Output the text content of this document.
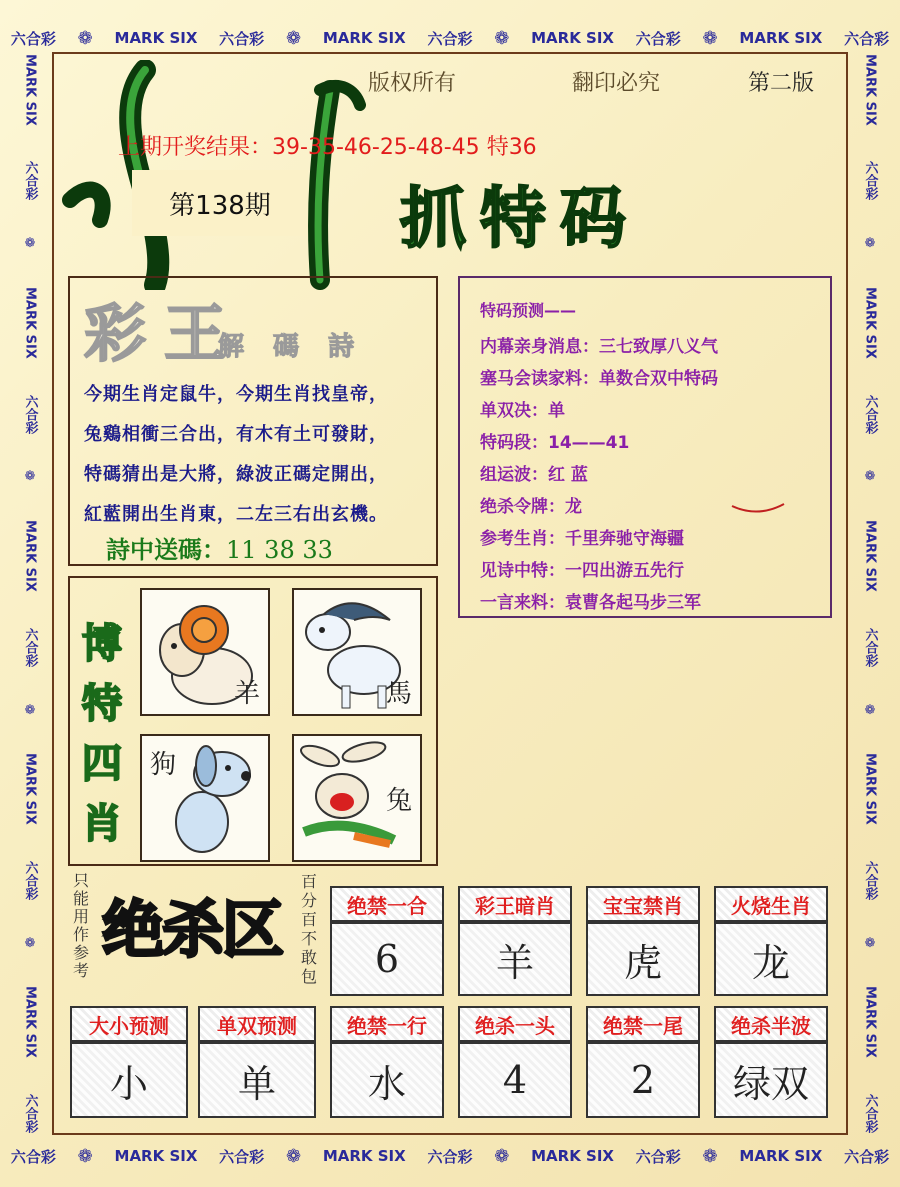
六合彩 ❁ MARK SIX 六合彩 ❁ MARK SIX 六合彩 ❁ MARK SIX 六合彩 ❁ MARK SIX 六合彩
六合彩 ❁ MARK SIX 六合彩 ❁ MARK SIX 六合彩 ❁ MARK SIX 六合彩 ❁ MARK SIX 六合彩
MARK SIX
六合彩
❁
MARK SIX
六合彩
❁
MARK SIX
六合彩
❁
MARK SIX
六合彩
❁
MARK SIX
六合彩
MARK SIX
六合彩
❁
MARK SIX
六合彩
❁
MARK SIX
六合彩
❁
MARK SIX
六合彩
❁
MARK SIX
六合彩
版权所有	翻印必究	第二版
上期开奖结果：39-35-46-25-48-45 特36
第138期	抓特码
彩王
解 碼 詩
今期生肖定鼠牛，今期生肖找皇帝，
兔鷄相衝三合出，有木有土可發財，
特碼猜出是大將，綠波正碼定開出，
紅藍開出生肖東，二左三右出玄機。
詩中送碼：11 38 33
特码预测——
内幕亲身消息：三七致厚八义气
塞马会读家料：单数合双中特码
单双决：单
特码段：14——41
组运波：红 蓝
绝杀令牌：龙
参考生肖：千里奔驰守海疆
见诗中特：一四出游五先行
一言来料：袁曹各起马步三军
博特四肖
羊	馬
狗
兔
只能用作参考
绝杀区
百分百不敢包
绝禁一合
6
彩王暗肖
羊
宝宝禁肖
虎
火烧生肖
龙
大小预测
小
单双预测
单
绝禁一行
水
绝杀一头
4
绝禁一尾
2
绝杀半波
绿双
